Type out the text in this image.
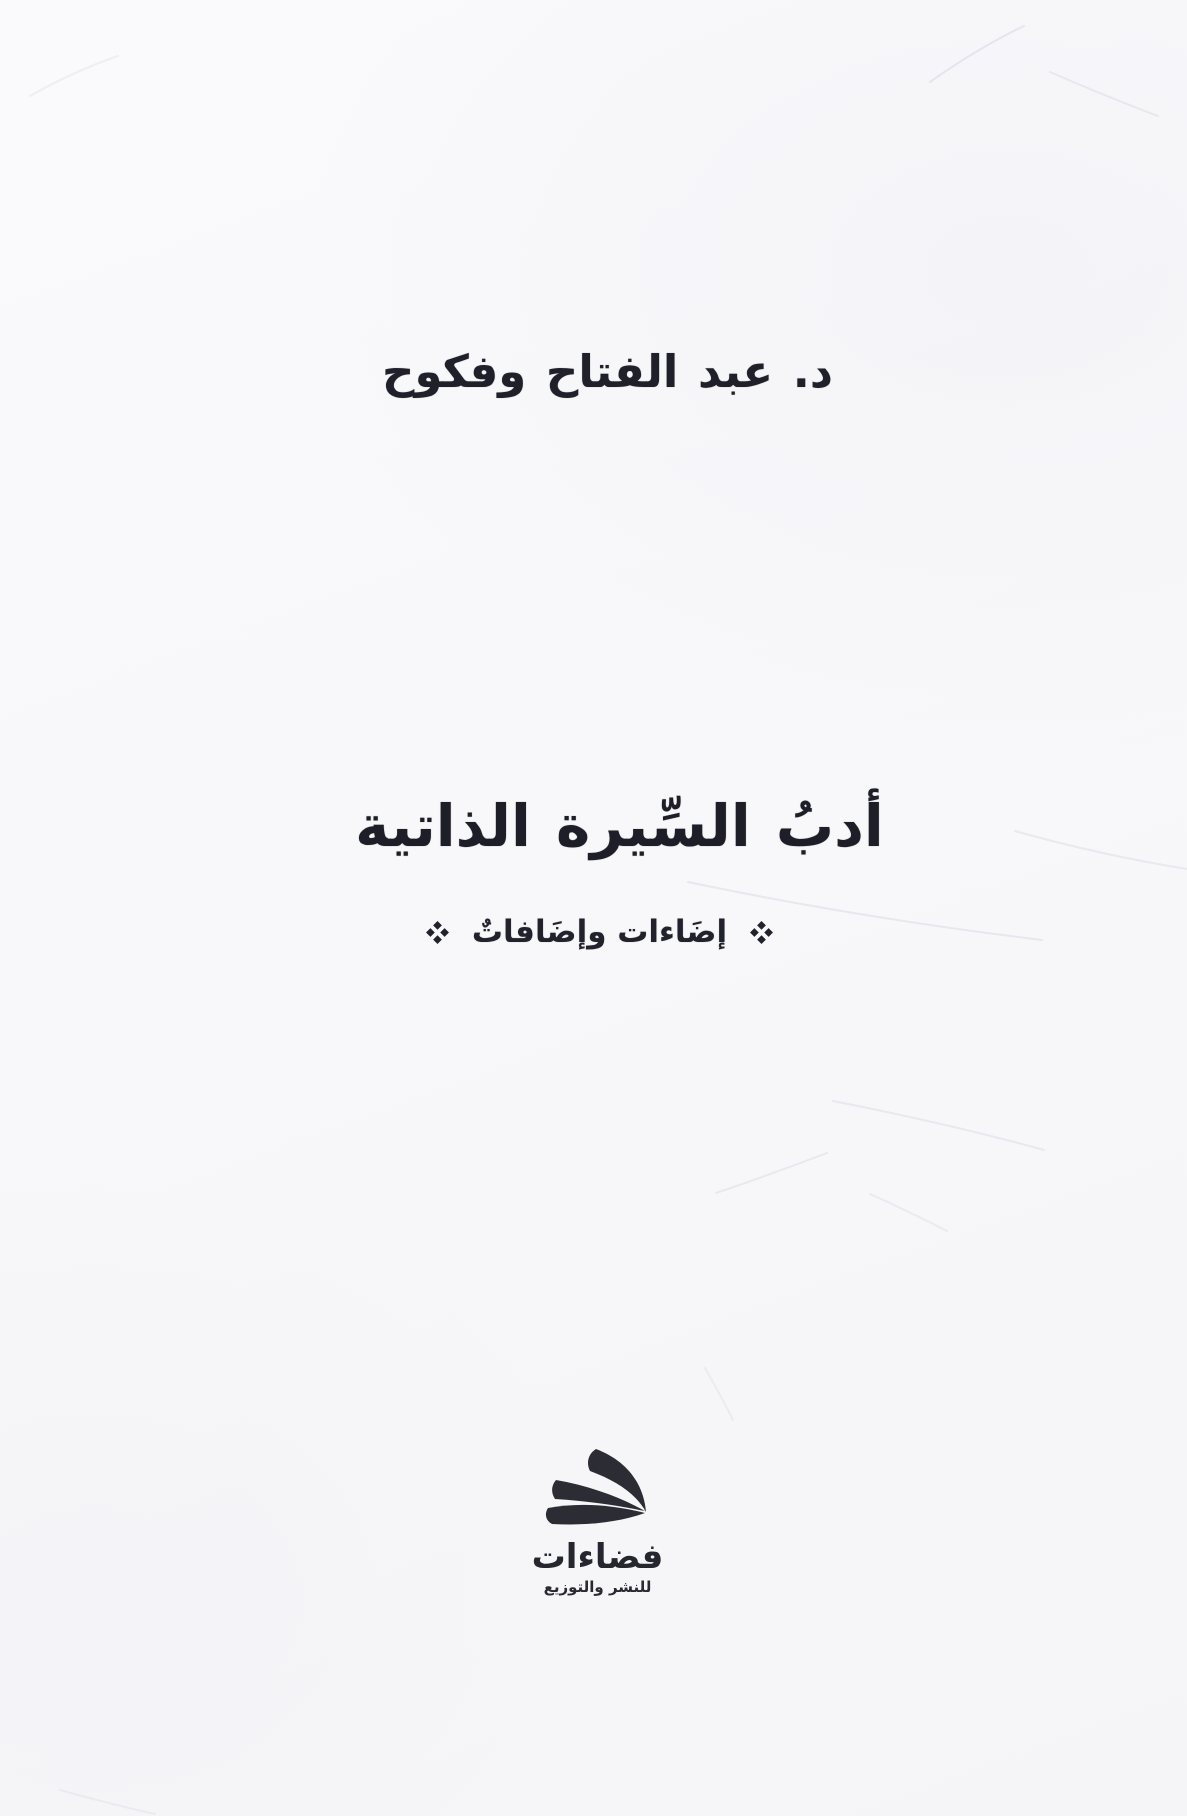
د. عبد الفتاح وفكوح
أدبُ السِّيرة الذاتية
إضَاءات وإضَافاتٌ
فضاءات
للنشر والتوزيع
